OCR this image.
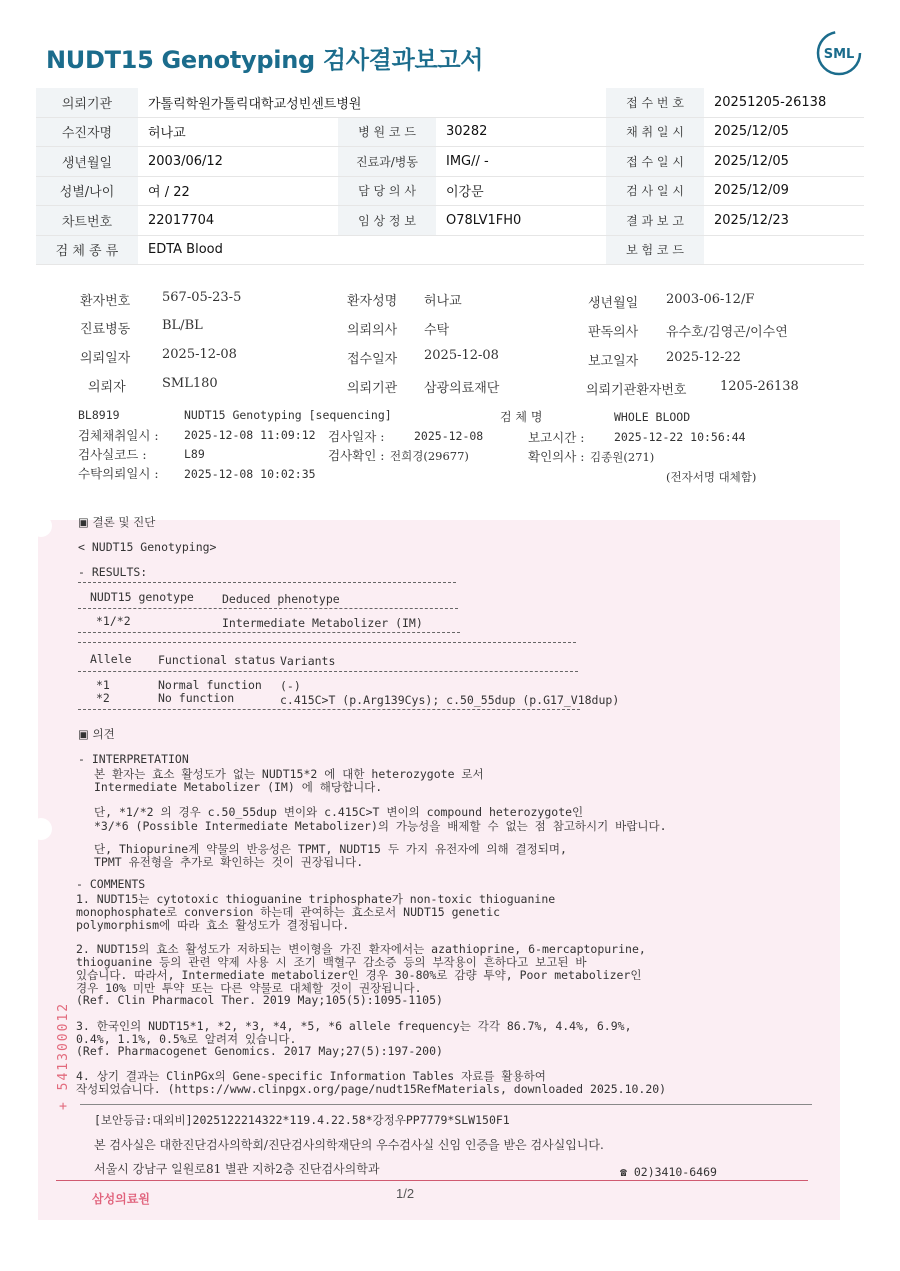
NUDT15 Genotyping 검사결과보고서	SML
의뢰기관	가톨릭학원가톨릭대학교성빈센트병원			접 수 번 호	20251205-26138
수진자명	허나교	병 원 코 드	30282	채 취 일 시	2025/12/05
생년월일	2003/06/12	진료과/병동	IMG// -	접 수 일 시	2025/12/05
성별/나이	여 / 22	담 당 의 사	이강문	검 사 일 시	2025/12/09
차트번호	22017704	임 상 정 보	O78LV1FH0	결 과 보 고	2025/12/23
검 체 종 류	EDTA Blood			보 험 코 드	
+ 541300012
환자번호 567-05-23-5	환자성명 허나교	생년월일 2003-06-12/F
진료병동 BL/BL	의뢰의사 수탁	판독의사 유수호/김영곤/이수연
의뢰일자 2025-12-08	접수일자 2025-12-08	보고일자 2025-12-22
의뢰자	SML180	의뢰기관 삼광의료재단	의뢰기관환자번호	1205-26138
BL8919	NUDT15 Genotyping [sequencing]	검 체 명	WHOLE BLOOD
검체채취일시 : 2025-12-08 11:09:12 검사일자 :	2025-12-08	보고시간 :	2025-12-22 10:56:44
검사실코드 :	L89	검사확인 : 전희경(29677)	확인의사 : 김종원(271)
수탁의뢰일시 : 2025-12-08 10:02:35	(전자서명 대체함)
▣ 결론 및 진단
< NUDT15 Genotyping>
- RESULTS:
NUDT15 genotype Deduced phenotype
*1/*2	Intermediate Metabolizer (IM)
Allele Functional status Variants
*1	Normal function (-)
*2	No function	c.415C>T (p.Arg139Cys); c.50_55dup (p.G17_V18dup)
▣ 의견
- INTERPRETATION
본 환자는 효소 활성도가 없는 NUDT15*2 에 대한 heterozygote 로서
Intermediate Metabolizer (IM) 에 해당합니다.
단, *1/*2 의 경우 c.50_55dup 변이와 c.415C>T 변이의 compound heterozygote인
*3/*6 (Possible Intermediate Metabolizer)의 가능성을 배제할 수 없는 점 참고하시기 바랍니다.
단, Thiopurine계 약물의 반응성은 TPMT, NUDT15 두 가지 유전자에 의해 결정되며,
TPMT 유전형을 추가로 확인하는 것이 권장됩니다.
- COMMENTS
1. NUDT15는 cytotoxic thioguanine triphosphate가 non-toxic thioguanine
monophosphate로 conversion 하는데 관여하는 효소로서 NUDT15 genetic
polymorphism에 따라 효소 활성도가 결정됩니다.
2. NUDT15의 효소 활성도가 저하되는 변이형을 가진 환자에서는 azathioprine, 6-mercaptopurine,
thioguanine 등의 관련 약제 사용 시 조기 백혈구 감소증 등의 부작용이 흔하다고 보고된 바
있습니다. 따라서, Intermediate metabolizer인 경우 30-80%로 감량 투약, Poor metabolizer인
경우 10% 미만 투약 또는 다른 약물로 대체할 것이 권장됩니다.
(Ref. Clin Pharmacol Ther. 2019 May;105(5):1095-1105)
3. 한국인의 NUDT15*1, *2, *3, *4, *5, *6 allele frequency는 각각 86.7%, 4.4%, 6.9%,
0.4%, 1.1%, 0.5%로 알려져 있습니다.
(Ref. Pharmacogenet Genomics. 2017 May;27(5):197-200)
4. 상기 결과는 ClinPGx의 Gene-specific Information Tables 자료를 활용하여
작성되었습니다. (https://www.clinpgx.org/page/nudt15RefMaterials, downloaded 2025.10.20)
[보안등급:대외비]2025122214322*119.4.22.58*강정우PP7779*SLW150F1
본 검사실은 대한진단검사의학회/진단검사의학재단의 우수검사실 신임 인증을 받은 검사실입니다.
서울시 강남구 일원로81 별관 지하2층 진단검사의학과	☎ 02)3410-6469
삼성의료원	1/2
